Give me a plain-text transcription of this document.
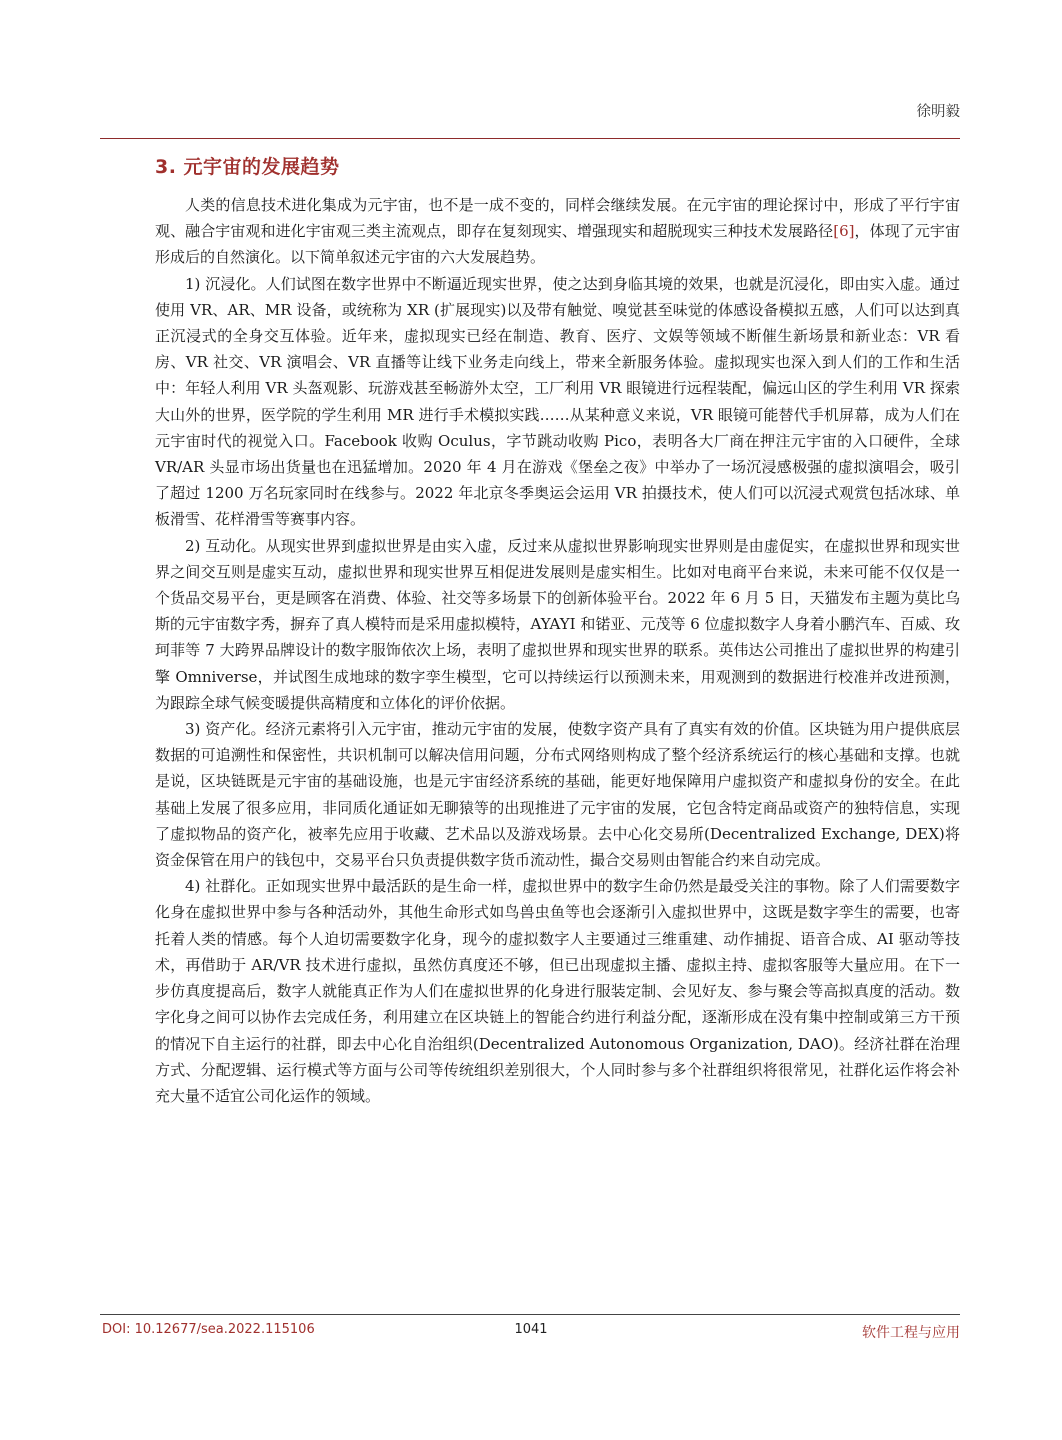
徐明毅
3. 元宇宙的发展趋势

人类的信息技术进化集成为元宇宙，也不是一成不变的，同样会继续发展。在元宇宙的理论探讨中，形成了平行宇宙观、融合宇宙观和进化宇宙观三类主流观点，即存在复刻现实、增强现实和超脱现实三种技术发展路径[6]，体现了元宇宙形成后的自然演化。以下简单叙述元宇宙的六大发展趋势。

1) 沉浸化。人们试图在数字世界中不断逼近现实世界，使之达到身临其境的效果，也就是沉浸化，即由实入虚。通过使用 VR、AR、MR 设备，或统称为 XR (扩展现实)以及带有触觉、嗅觉甚至味觉的体感设备模拟五感，人们可以达到真正沉浸式的全身交互体验。近年来，虚拟现实已经在制造、教育、医疗、文娱等领域不断催生新场景和新业态：VR 看房、VR 社交、VR 演唱会、VR 直播等让线下业务走向线上，带来全新服务体验。虚拟现实也深入到人们的工作和生活中：年轻人利用 VR 头盔观影、玩游戏甚至畅游外太空，工厂利用 VR 眼镜进行远程装配，偏远山区的学生利用 VR 探索大山外的世界，医学院的学生利用 MR 进行手术模拟实践……从某种意义来说，VR 眼镜可能替代手机屏幕，成为人们在元宇宙时代的视觉入口。Facebook 收购 Oculus，字节跳动收购 Pico，表明各大厂商在押注元宇宙的入口硬件，全球 VR/AR 头显市场出货量也在迅猛增加。2020 年 4 月在游戏《堡垒之夜》中举办了一场沉浸感极强的虚拟演唱会，吸引了超过 1200 万名玩家同时在线参与。2022 年北京冬季奥运会运用 VR 拍摄技术，使人们可以沉浸式观赏包括冰球、单板滑雪、花样滑雪等赛事内容。

2) 互动化。从现实世界到虚拟世界是由实入虚，反过来从虚拟世界影响现实世界则是由虚促实，在虚拟世界和现实世界之间交互则是虚实互动，虚拟世界和现实世界互相促进发展则是虚实相生。比如对电商平台来说，未来可能不仅仅是一个货品交易平台，更是顾客在消费、体验、社交等多场景下的创新体验平台。2022 年 6 月 5 日，天猫发布主题为莫比乌斯的元宇宙数字秀，摒弃了真人模特而是采用虚拟模特，AYAYI 和锘亚、元茂等 6 位虚拟数字人身着小鹏汽车、百威、玫珂菲等 7 大跨界品牌设计的数字服饰依次上场，表明了虚拟世界和现实世界的联系。英伟达公司推出了虚拟世界的构建引擎 Omniverse，并试图生成地球的数字孪生模型，它可以持续运行以预测未来，用观测到的数据进行校准并改进预测，为跟踪全球气候变暖提供高精度和立体化的评价依据。

3) 资产化。经济元素将引入元宇宙，推动元宇宙的发展，使数字资产具有了真实有效的价值。区块链为用户提供底层数据的可追溯性和保密性，共识机制可以解决信用问题，分布式网络则构成了整个经济系统运行的核心基础和支撑。也就是说，区块链既是元宇宙的基础设施，也是元宇宙经济系统的基础，能更好地保障用户虚拟资产和虚拟身份的安全。在此基础上发展了很多应用，非同质化通证如无聊猿等的出现推进了元宇宙的发展，它包含特定商品或资产的独特信息，实现了虚拟物品的资产化，被率先应用于收藏、艺术品以及游戏场景。去中心化交易所(Decentralized Exchange, DEX)将资金保管在用户的钱包中，交易平台只负责提供数字货币流动性，撮合交易则由智能合约来自动完成。

4) 社群化。正如现实世界中最活跃的是生命一样，虚拟世界中的数字生命仍然是最受关注的事物。除了人们需要数字化身在虚拟世界中参与各种活动外，其他生命形式如鸟兽虫鱼等也会逐渐引入虚拟世界中，这既是数字孪生的需要，也寄托着人类的情感。每个人迫切需要数字化身，现今的虚拟数字人主要通过三维重建、动作捕捉、语音合成、AI 驱动等技术，再借助于 AR/VR 技术进行虚拟，虽然仿真度还不够，但已出现虚拟主播、虚拟主持、虚拟客服等大量应用。在下一步仿真度提高后，数字人就能真正作为人们在虚拟世界的化身进行服装定制、会见好友、参与聚会等高拟真度的活动。数字化身之间可以协作去完成任务，利用建立在区块链上的智能合约进行利益分配，逐渐形成在没有集中控制或第三方干预的情况下自主运行的社群，即去中心化自治组织(Decentralized Autonomous Organization, DAO)。经济社群在治理方式、分配逻辑、运行模式等方面与公司等传统组织差别很大，个人同时参与多个社群组织将很常见，社群化运作将会补充大量不适宜公司化运作的领域。

DOI: 10.12677/sea.2022.115106	1041	软件工程与应用
